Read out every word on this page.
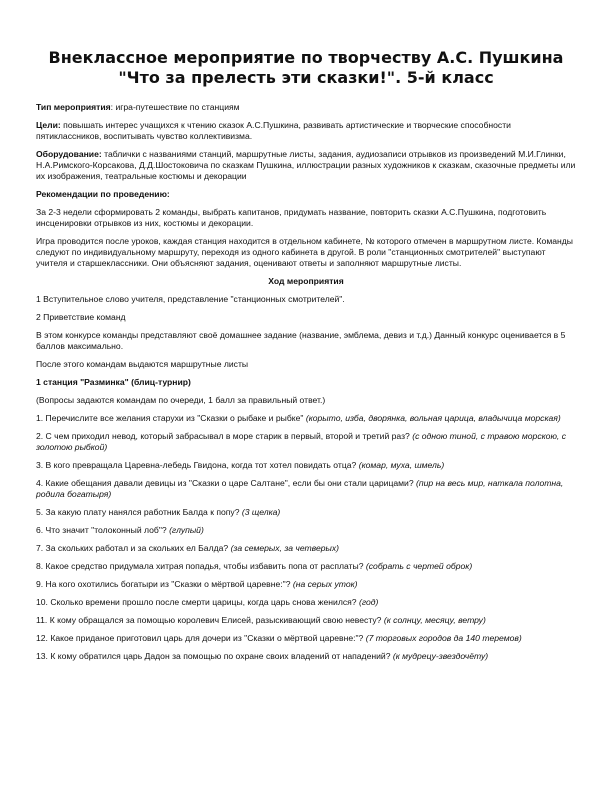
Внеклассное мероприятие по творчеству А.С. Пушкина
"Что за прелесть эти сказки!". 5-й класс

Тип мероприятия: игра-путешествие по станциям

Цели: повышать интерес учащихся к чтению сказок А.С.Пушкина, развивать артистические и творческие способности пятиклассников, воспитывать чувство коллективизма.

Оборудование: таблички с названиями станций, маршрутные листы, задания, аудиозаписи отрывков из произведений М.И.Глинки, Н.А.Римского-Корсакова, Д.Д.Шостоковича по сказкам Пушкина, иллюстрации разных художников к сказкам, сказочные предметы или их изображения, театральные костюмы и декорации

Рекомендации по проведению:

За 2-3 недели сформировать 2 команды, выбрать капитанов, придумать название, повторить сказки А.С.Пушкина, подготовить инсценировки отрывков из них, костюмы и декорации.

Игра проводится после уроков, каждая станция находится в отдельном кабинете, № которого отмечен в маршрутном листе. Команды следуют по индивидуальному маршруту, переходя из одного кабинета в другой. В роли "станционных смотрителей" выступают учителя и старшеклассники. Они объясняют задания, оценивают ответы и заполняют маршрутные листы.

Ход мероприятия

1 Вступительное слово учителя, представление "станционных смотрителей".

2 Приветствие команд

В этом конкурсе команды представляют своё домашнее задание (название, эмблема, девиз и т.д.) Данный конкурс оценивается в 5 баллов максимально.

После этого командам выдаются маршрутные листы

1 станция "Разминка" (блиц-турнир)

(Вопросы задаются командам по очереди, 1 балл за правильный ответ.)

1. Перечислите все желания старухи из "Сказки о рыбаке и рыбке" (корыто, изба, дворянка, вольная царица, владычица морская)

2. С чем приходил невод, который забрасывал в море старик в первый, второй и третий раз? (с одною тиной, с травою морскою, с золотою рыбкой)

3. В кого превращала Царевна-лебедь Гвидона, когда тот хотел повидать отца? (комар, муха, шмель)

4. Какие обещания давали девицы из "Сказки о царе Салтане", если бы они стали царицами? (пир на весь мир, наткала полотна, родила богатыря)

5. За какую плату нанялся работник Балда к попу? (3 щелка)

6. Что значит "толоконный лоб"? (глупый)

7. За скольких работал и за скольких ел Балда? (за семерых, за четверых)

8. Какое средство придумала хитрая попадья, чтобы избавить попа от расплаты? (собрать с чертей оброк)

9. На кого охотились богатыри из "Сказки о мёртвой царевне:"? (на серых уток)

10. Сколько времени прошло после смерти царицы, когда царь снова женился? (год)

11. К кому обращался за помощью королевич Елисей, разыскивающий свою невесту? (к солнцу, месяцу, ветру)

12. Какое приданое приготовил царь для дочери из "Сказки о мёртвой царевне:"? (7 торговых городов да 140 теремов)

13. К кому обратился царь Дадон за помощью по охране своих владений от нападений? (к мудрецу-звездочёту)
